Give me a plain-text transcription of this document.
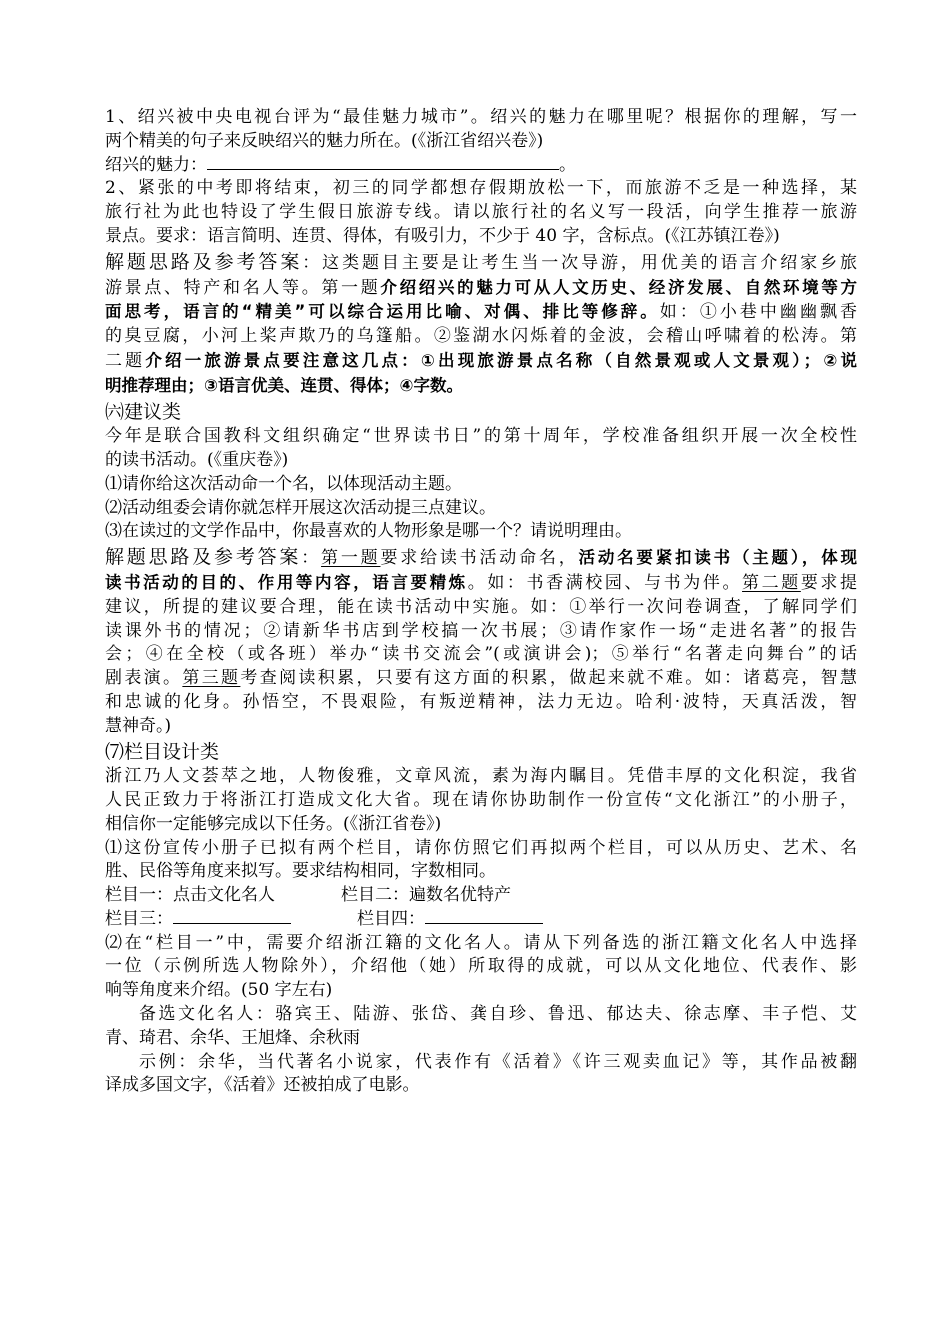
1、绍兴被中央电视台评为“最佳魅力城市”。绍兴的魅力在哪里呢？根据你的理解，写一

两个精美的句子来反映绍兴的魅力所在。(《浙江省绍兴卷》)

绍兴的魅力：	。

2、紧张的中考即将结束，初三的同学都想存假期放松一下，而旅游不乏是一种选择，某

旅行社为此也特设了学生假日旅游专线。请以旅行社的名义写一段活，向学生推荐一旅游

景点。要求：语言简明、连贯、得体，有吸引力，不少于 40 字，含标点。(《江苏镇江卷》)

解题思路及参考答案：这类题目主要是让考生当一次导游，用优美的语言介绍家乡旅

游景点、特产和名人等。第一题介绍绍兴的魅力可从人文历史、经济发展、自然环境等方

面思考，语言的“精美”可以综合运用比喻、对偶、排比等修辞。如：①小巷中幽幽飘香

的臭豆腐，小河上桨声欺乃的乌篷船。②鉴湖水闪烁着的金波，会稽山呼啸着的松涛。第

二题介绍一旅游景点要注意这几点：①出现旅游景点名称（自然景观或人文景观）；②说

明推荐理由；③语言优美、连贯、得体；④字数。

㈥建议类

今年是联合国教科文组织确定“世界读书日”的第十周年，学校准备组织开展一次全校性

的读书活动。(《重庆卷》)

⑴请你给这次活动命一个名，以体现活动主题。

⑵活动组委会请你就怎样开展这次活动提三点建议。

⑶在读过的文学作品中，你最喜欢的人物形象是哪一个？请说明理由。

解题思路及参考答案：第一题要求给读书活动命名，活动名要紧扣读书（主题），体现

读书活动的目的、作用等内容，语言要精炼。如：书香满校园、与书为伴。第二题要求提

建议，所提的建议要合理，能在读书活动中实施。如：①举行一次问卷调查，了解同学们

读课外书的情况；②请新华书店到学校搞一次书展；③请作家作一场“走进名著”的报告

会；④在全校（或各班）举办“读书交流会”(或演讲会)；⑤举行“名著走向舞台”的话

剧表演。第三题考查阅读积累，只要有这方面的积累，做起来就不难。如：诸葛亮，智慧

和忠诚的化身。孙悟空，不畏艰险，有叛逆精神，法力无边。哈利·波特，天真活泼，智

慧神奇。)

⑺栏目设计类

浙江乃人文荟萃之地，人物俊雅，文章风流，素为海内瞩目。凭借丰厚的文化积淀，我省

人民正致力于将浙江打造成文化大省。现在请你协助制作一份宣传“文化浙江”的小册子，

相信你一定能够完成以下任务。(《浙江省卷》)

⑴这份宣传小册子已拟有两个栏目，请你仿照它们再拟两个栏目，可以从历史、艺术、名

胜、民俗等角度来拟写。要求结构相同，字数相同。

栏目一：点击文化名人	栏目二：遍数名优特产

栏目三：	栏目四：

⑵在“栏目一”中，需要介绍浙江籍的文化名人。请从下列备选的浙江籍文化名人中选择

一位（示例所选人物除外），介绍他（她）所取得的成就，可以从文化地位、代表作、影

响等角度来介绍。(50 字左右)

备选文化名人：骆宾王、陆游、张岱、龚自珍、鲁迅、郁达夫、徐志摩、丰子恺、艾

青、琦君、余华、王旭烽、余秋雨

示例：余华，当代著名小说家，代表作有《活着》《许三观卖血记》等，其作品被翻

译成多国文字，《活着》还被拍成了电影。
